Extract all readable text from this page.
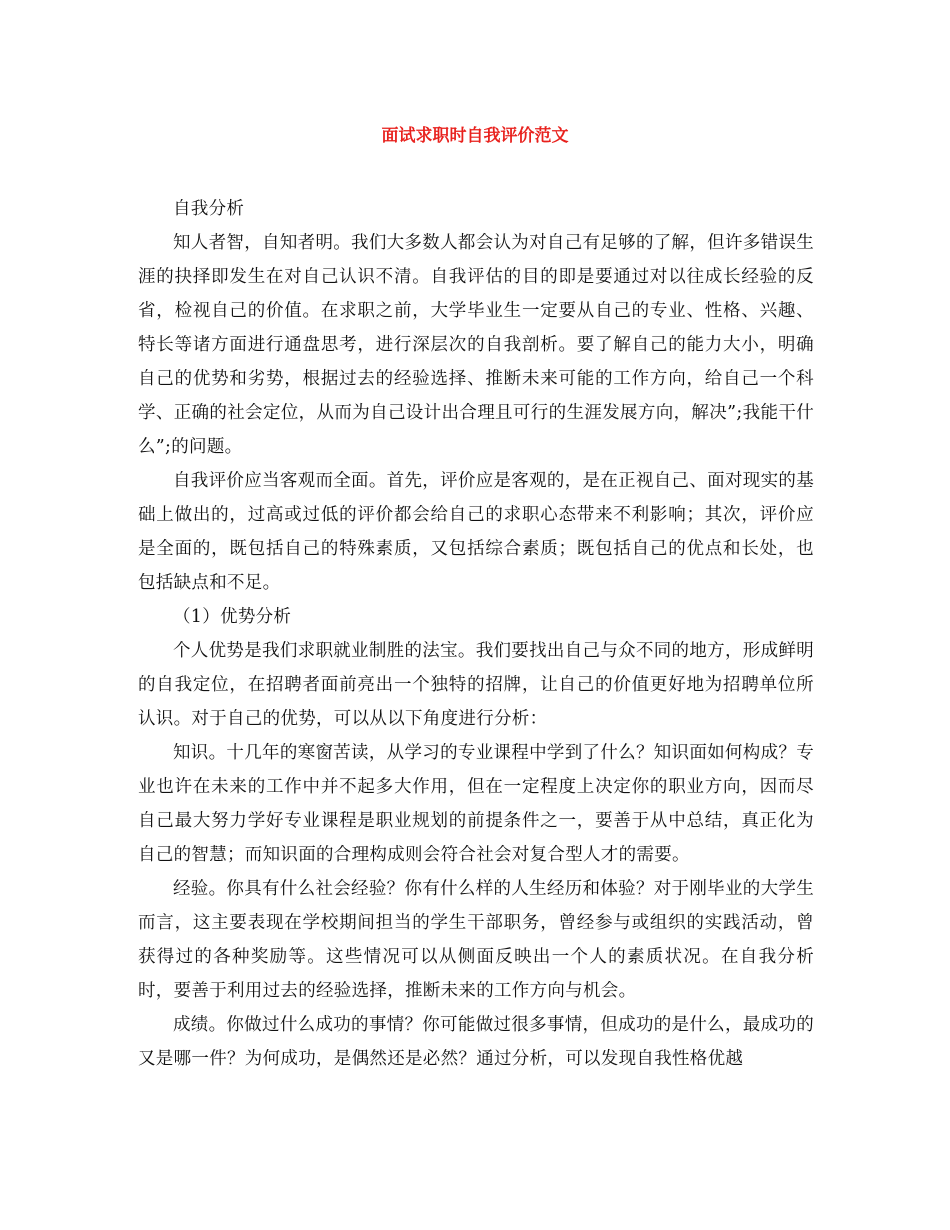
面试求职时自我评价范文

自我分析

知人者智，自知者明。我们大多数人都会认为对自己有足够的了解，但许多错误生涯的抉择即发生在对自己认识不清。自我评估的目的即是要通过对以往成长经验的反省，检视自己的价值。在求职之前，大学毕业生一定要从自己的专业、性格、兴趣、特长等诸方面进行通盘思考，进行深层次的自我剖析。要了解自己的能力大小，明确自己的优势和劣势，根据过去的经验选择、推断未来可能的工作方向，给自己一个科学、正确的社会定位，从而为自己设计出合理且可行的生涯发展方向，解决”;我能干什么”;的问题。

自我评价应当客观而全面。首先，评价应是客观的，是在正视自己、面对现实的基础上做出的，过高或过低的评价都会给自己的求职心态带来不利影响；其次，评价应是全面的，既包括自己的特殊素质，又包括综合素质；既包括自己的优点和长处，也包括缺点和不足。

（1）优势分析

个人优势是我们求职就业制胜的法宝。我们要找出自己与众不同的地方，形成鲜明的自我定位，在招聘者面前亮出一个独特的招牌，让自己的价值更好地为招聘单位所认识。对于自己的优势，可以从以下角度进行分析：

知识。十几年的寒窗苦读，从学习的专业课程中学到了什么？知识面如何构成？专业也许在未来的工作中并不起多大作用，但在一定程度上决定你的职业方向，因而尽自己最大努力学好专业课程是职业规划的前提条件之一，要善于从中总结，真正化为自己的智慧；而知识面的合理构成则会符合社会对复合型人才的需要。

经验。你具有什么社会经验？你有什么样的人生经历和体验？对于刚毕业的大学生而言，这主要表现在学校期间担当的学生干部职务，曾经参与或组织的实践活动，曾获得过的各种奖励等。这些情况可以从侧面反映出一个人的素质状况。在自我分析时，要善于利用过去的经验选择，推断未来的工作方向与机会。

成绩。你做过什么成功的事情？你可能做过很多事情，但成功的是什么，最成功的又是哪一件？为何成功，是偶然还是必然？通过分析，可以发现自我性格优越
